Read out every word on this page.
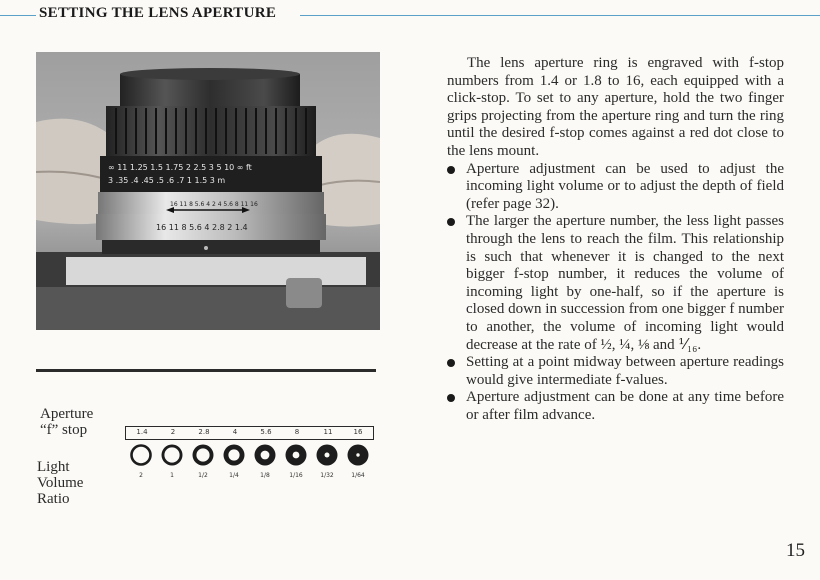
SETTING THE LENS APERTURE
∞ 11 1.25 1.5 1.75 2 2.5 3 5 10 ∞ ft
3 .35 .4 .45 .5 .6 .7 1 1.5 3 m
16 11 8 5.6 4 2 4 5.6 8 11 16
16 11 8 5.6 4 2.8 2 1.4
Aperture
“f” stop
Light
Volume
Ratio
1.4	2	2.8	4	5.6	8	11	16
2	1	1/2	1/4	1/8	1/16	1/32	1/64

The lens aperture ring is engraved with f-stop numbers from 1.4 or 1.8 to 16, each equipped with a click-stop. To set to any aperture, hold the two finger grips projecting from the aperture ring and turn the ring until the desired f-stop comes against a red dot close to the lens mount.

Aperture adjustment can be used to adjust the incoming light volume or to adjust the depth of field (refer page 32).
The larger the aperture number, the less light passes through the lens to reach the film. This relationship is such that whenever it is changed to the next bigger f-stop number, it reduces the volume of incoming light by one-half, so if the aperture is closed down in succession from one bigger f number to another, the volume of incoming light would decrease at the rate of ½, ¼, ⅛ and ⅟₁₆.
Setting at a point midway between aperture readings would give intermediate f-values.
Aperture adjustment can be done at any time before or after film advance.
15
